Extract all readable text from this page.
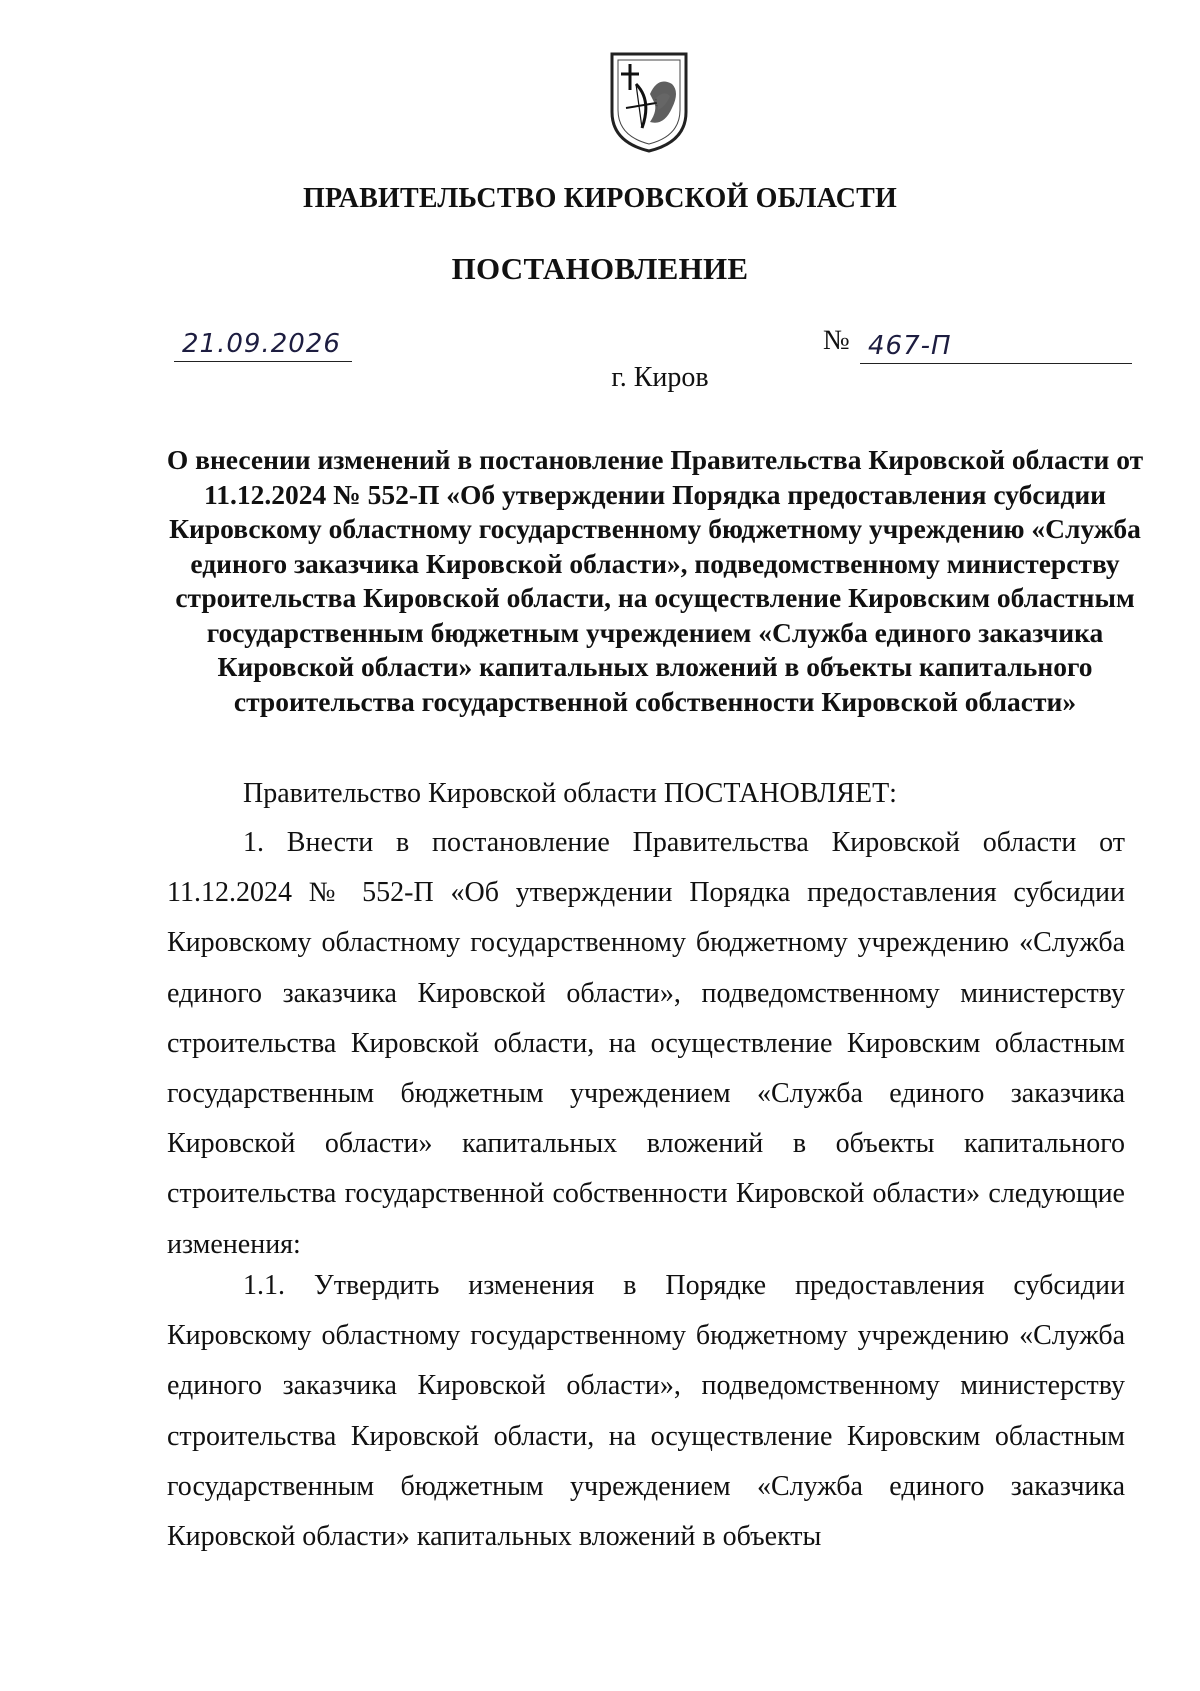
ПРАВИТЕЛЬСТВО КИРОВСКОЙ ОБЛАСТИ
ПОСТАНОВЛЕНИЕ
21.09.2026	№ 467-П

г. Киров

О внесении изменений в постановление Правительства Кировской области от 11.12.2024 № 552-П «Об утверждении Порядка предоставления субсидии Кировскому областному государственному бюджетному учреждению «Служба единого заказчика Кировской области», подведомственному министерству строительства Кировской области, на осуществление Кировским областным государственным бюджетным учреждением «Служба единого заказчика Кировской области» капитальных вложений в объекты капитального строительства государственной собственности Кировской области»

Правительство Кировской области ПОСТАНОВЛЯЕТ:

1. Внести в постановление Правительства Кировской области от 11.12.2024 № 552-П «Об утверждении Порядка предоставления субсидии Кировскому областному государственному бюджетному учреждению «Служба единого заказчика Кировской области», подведомственному министерству строительства Кировской области, на осуществление Кировским областным государственным бюджетным учреждением «Служба единого заказчика Кировской области» капитальных вложений в объекты капитального строительства государственной собственности Кировской области» следующие изменения:

1.1. Утвердить изменения в Порядке предоставления субсидии Кировскому областному государственному бюджетному учреждению «Служба единого заказчика Кировской области», подведомственному министерству строительства Кировской области, на осуществление Кировским областным государственным бюджетным учреждением «Служба единого заказчика Кировской области» капитальных вложений в объекты
